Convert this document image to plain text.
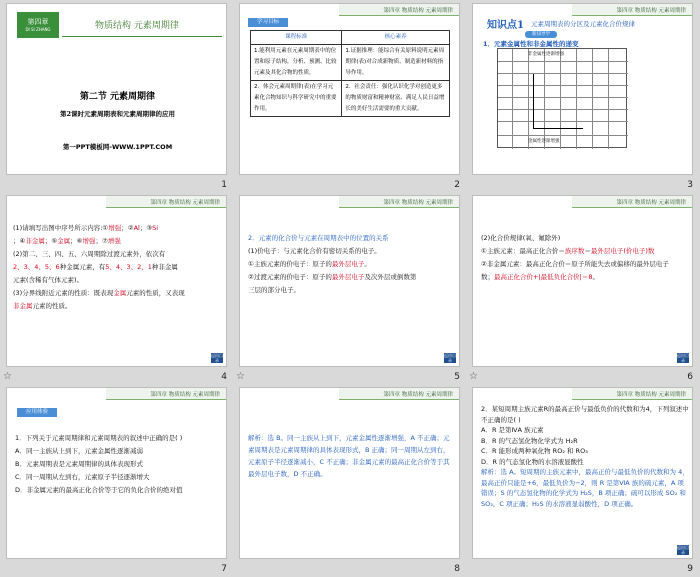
第四章
DI SI ZHANG	物质结构 元素周期律
第二节 元素周期律
第2课时元素周期表和元素周期律的应用
第一PPT模板网-WWW.1PPT.COM
1
第四章 物质结构 元素周期律
学习目标
课程标准	核心素养
1.能利用元素在元素周期表中的位置和原子结构，分析、预测、比较元素及其化合物的性质。	1.证据推理：能综合有关原料说明元素周期律(表)对合成新物质、制造新材料的指导作用。
2．体会元素周期律(表)在学习元素化合物知识与科学研究中的重要作用。	2．社会责任：强化认识化学对创造更多的物质财富和精神财富、满足人民日益增长的美好生活需要的重大贡献。
2
第四章 物质结构 元素周期律
知识点1 元素周期表的分区及元素化合价规律
新知导学
1．元素金属性和非金属性的递变
非金属性逐渐增强
金属性逐渐增强
3
第四章 物质结构 元素周期律
(1)请填写出图中序号所示内容:①增强；②Al；③Si
；④非金属；⑤金属；⑥增强；⑦增强
(2)第二、三、四、五、六周期除过渡元素外，依次有
2、3、4、5、6种金属元素，有5、4、3、2、1种非金属
元素(含稀有气体元素)。
(3)分界线附近元素的性质：既表现金属元素的性质，又表现
非金属元素的性质。
返回目录
☆	4
第四章 物质结构 元素周期律
2．元素的化合价与元素在周期表中的位置的关系
(1)价电子：与元素化合价有密切关系的电子。
①主族元素的价电子：原子的最外层电子。
②过渡元素的价电子：原子的最外层电子及次外层或倒数第
三层的部分电子。
返回目录
☆	5
第四章 物质结构 元素周期律
(2)化合价规律(氧、氟除外)
①主族元素：最高正化合价＝族序数＝最外层电子(价电子)数
②非金属元素：最高正化合价＝原子所能失去或偏移的最外层电子
数；最高正化合价+|最低负化合价|＝8。
返回目录
☆	6
第四章 物质结构 元素周期律
应用体验
1．下列关于元素周期律和元素周期表的叙述中正确的是( )
A．同一主族从上到下，元素金属性逐渐减弱
B．元素周期表是元素周期律的具体表现形式
C．同一周期从左到右，元素原子半径逐渐增大
D．非金属元素的最高正化合价等于它的负化合价的绝对值
7
第四章 物质结构 元素周期律
解析：选 B。同一主族从上到下，元素金属性逐渐增强，A 不正确；元素周期表是元素周期律的具体表现形式，B 正确；同一周期从左到右，元素原子半径逐渐减小，C 不正确；非金属元素的最高正化合价等于其最外层电子数，D 不正确。
8
第四章 物质结构 元素周期律
2．某短周期主族元素R的最高正价与最低负价的代数和为4，下列叙述中不正确的是( )
A．R 是第ⅣA 族元素
B．R 的气态氢化物化学式为 H₂R
C．R 能形成两种氧化物 RO₂ 和 RO₃
D．R 的气态氢化物的水溶液显酸性
解析：选 A。短周期的主族元素中，最高正价与最低负价的代数和为 4，最高正价只能是+6，最低负价为−2，则 R 是第ⅥA 族的硫元素，A 项错误；S 的气态氢化物的化学式为 H₂S，B 项正确；硫可以形成 SO₂ 和 SO₃，C 项正确；H₂S 的水溶液显弱酸性，D 项正确。
返回目录
9
